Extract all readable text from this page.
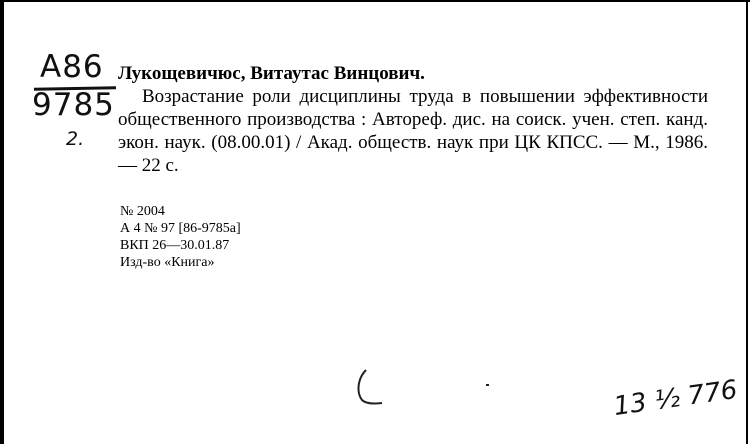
A86
9785
2.
Лукощевичюс, Витаутас Винцович.
Возрастание роли дисциплины труда в повышении эффективности общественного производства : Автореф. дис. на соиск. учен. степ. канд. экон. наук. (08.00.01) / Акад. обществ. наук при ЦК КПСС. — М., 1986. — 22 с.
№ 2004
А 4 № 97 [86-9785а]
ВКП 26—30.01.87
Изд-во «Книга»
13 ½ 776
